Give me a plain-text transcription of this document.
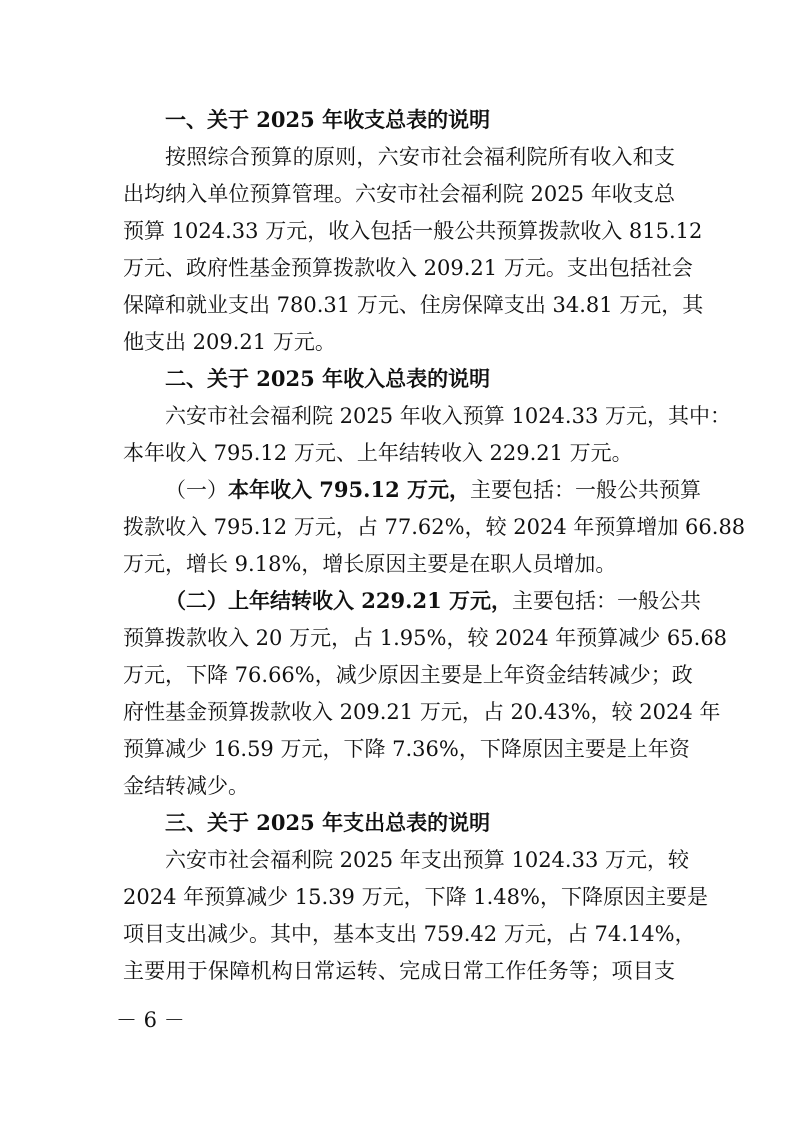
一、关于 2025 年收支总表的说明
按照综合预算的原则，六安市社会福利院所有收入和支
出均纳入单位预算管理。六安市社会福利院 2025 年收支总
预算 1024.33 万元，收入包括一般公共预算拨款收入 815.12
万元、政府性基金预算拨款收入 209.21 万元。支出包括社会
保障和就业支出 780.31 万元、住房保障支出 34.81 万元，其
他支出 209.21 万元。
二、关于 2025 年收入总表的说明
六安市社会福利院 2025 年收入预算 1024.33 万元，其中：
本年收入 795.12 万元、上年结转收入 229.21 万元。
（一）本年收入 795.12 万元，主要包括：一般公共预算
拨款收入 795.12 万元，占 77.62%，较 2024 年预算增加 66.88
万元，增长 9.18%，增长原因主要是在职人员增加。
（二）上年结转收入 229.21 万元，主要包括：一般公共
预算拨款收入 20 万元，占 1.95%，较 2024 年预算减少 65.68
万元，下降 76.66%，减少原因主要是上年资金结转减少；政
府性基金预算拨款收入 209.21 万元，占 20.43%，较 2024 年
预算减少 16.59 万元，下降 7.36%，下降原因主要是上年资
金结转减少。
三、关于 2025 年支出总表的说明
六安市社会福利院 2025 年支出预算 1024.33 万元，较
2024 年预算减少 15.39 万元，下降 1.48%，下降原因主要是
项目支出减少。其中，基本支出 759.42 万元，占 74.14%，
主要用于保障机构日常运转、完成日常工作任务等；项目支
－ 6 －
